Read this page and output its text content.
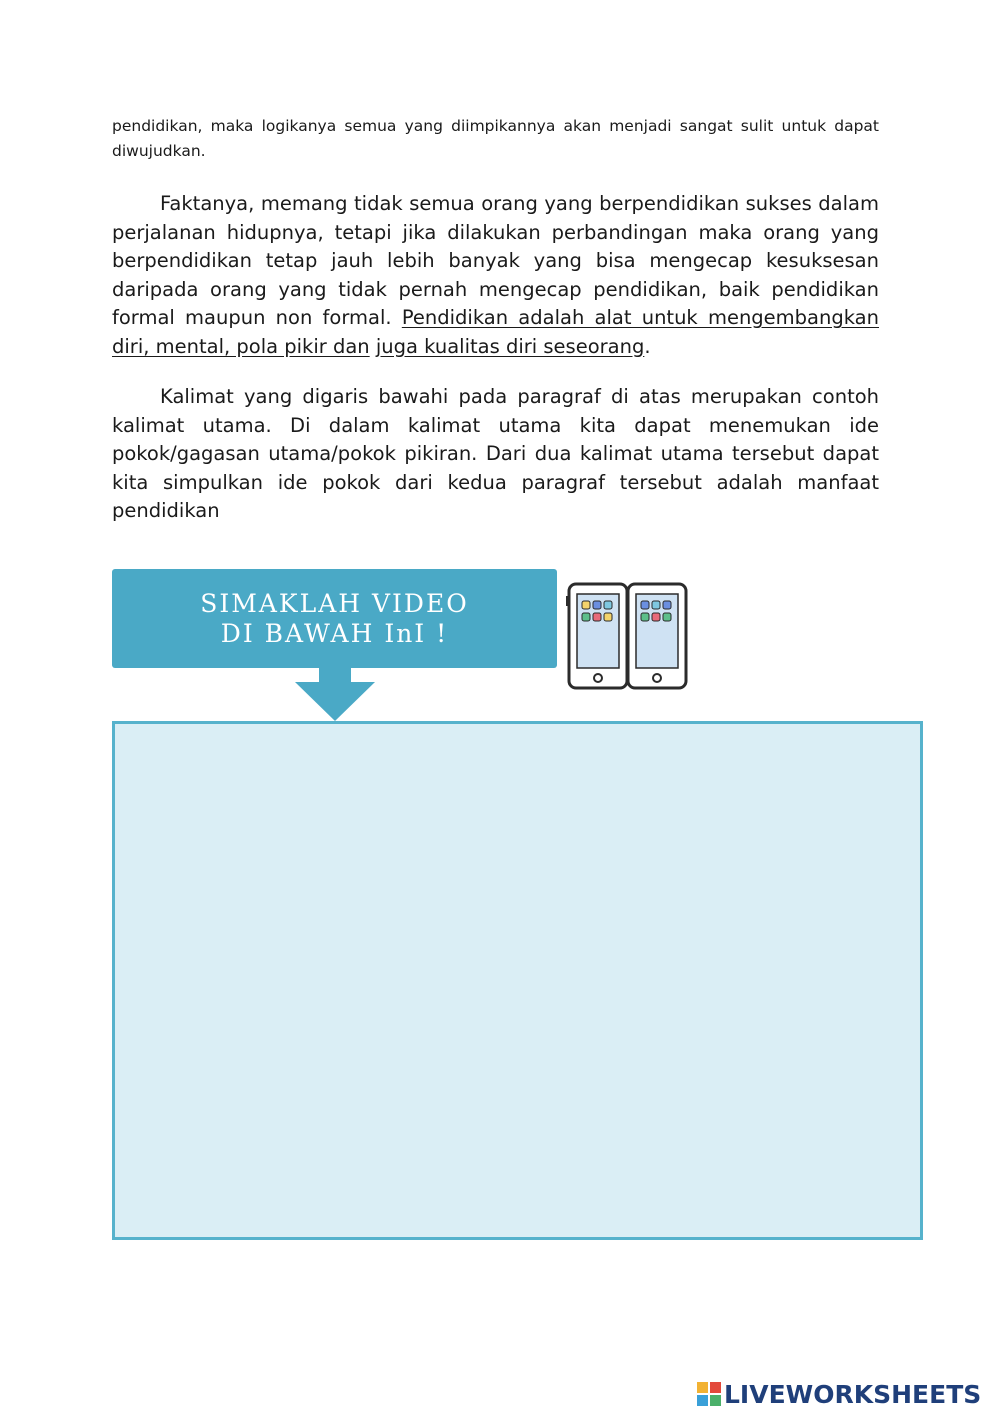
pendidikan, maka logikanya semua yang diimpikannya akan menjadi sangat sulit untuk dapat diwujudkan.

Faktanya, memang tidak semua orang yang berpendidikan sukses dalam perjalanan hidupnya, tetapi jika dilakukan perbandingan maka orang yang berpendidikan tetap jauh lebih banyak yang bisa mengecap kesuksesan daripada orang yang tidak pernah mengecap pendidikan, baik pendidikan formal maupun non formal. Pendidikan adalah alat untuk mengembangkan diri, mental, pola pikir dan juga kualitas diri seseorang.

Kalimat yang digaris bawahi pada paragraf di atas merupakan contoh kalimat utama. Di dalam kalimat utama kita dapat menemukan ide pokok/gagasan utama/pokok pikiran. Dari dua kalimat utama tersebut dapat kita simpulkan ide pokok dari kedua paragraf tersebut adalah manfaat pendidikan

SIMAKLAH VIDEO
DI BAWAH InI !
LIVEWORKSHEETS
